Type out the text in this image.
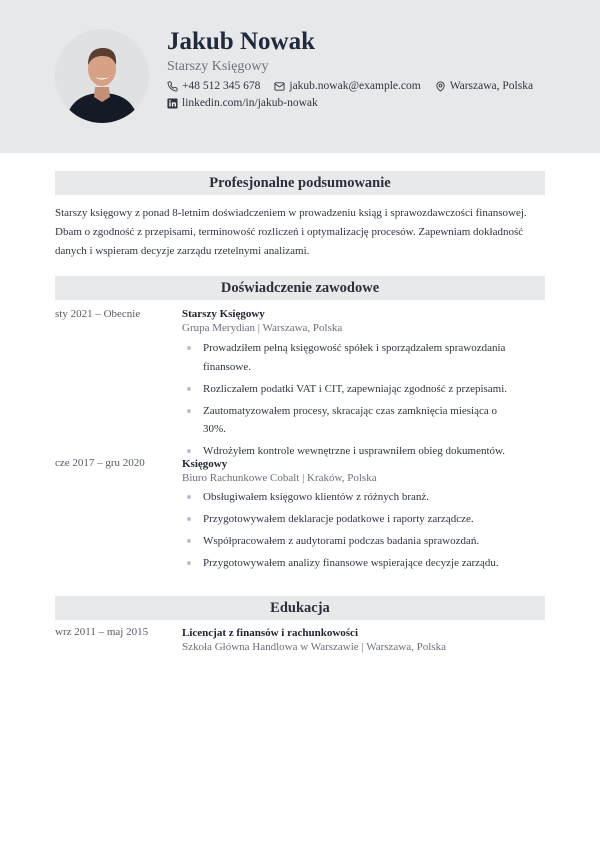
Jakub Nowak
Starszy Księgowy
+48 512 345 678	jakub.nowak@example.com	Warszawa, Polska
linkedin.com/in/jakub-nowak
Profesjonalne podsumowanie
Starszy księgowy z ponad 8-letnim doświadczeniem w prowadzeniu ksiąg i sprawozdawczości finansowej. Dbam o zgodność z przepisami, terminowość rozliczeń i optymalizację procesów. Zapewniam dokładność danych i wspieram decyzje zarządu rzetelnymi analizami.
Doświadczenie zawodowe
sty 2021 – Obecnie	Starszy Księgowy
Grupa Merydian | Warszawa, Polska
Prowadziłem pełną księgowość spółek i sporządzałem sprawozdania finansowe.
Rozliczałem podatki VAT i CIT, zapewniając zgodność z przepisami.
Zautomatyzowałem procesy, skracając czas zamknięcia miesiąca o 30%.
Wdrożyłem kontrole wewnętrzne i usprawniłem obieg dokumentów.
cze 2017 – gru 2020	Księgowy
Biuro Rachunkowe Cobalt | Kraków, Polska
Obsługiwałem księgowo klientów z różnych branż.
Przygotowywałem deklaracje podatkowe i raporty zarządcze.
Współpracowałem z audytorami podczas badania sprawozdań.
Przygotowywałem analizy finansowe wspierające decyzje zarządu.
Edukacja
wrz 2011 – maj 2015	Licencjat z finansów i rachunkowości
Szkoła Główna Handlowa w Warszawie | Warszawa, Polska
